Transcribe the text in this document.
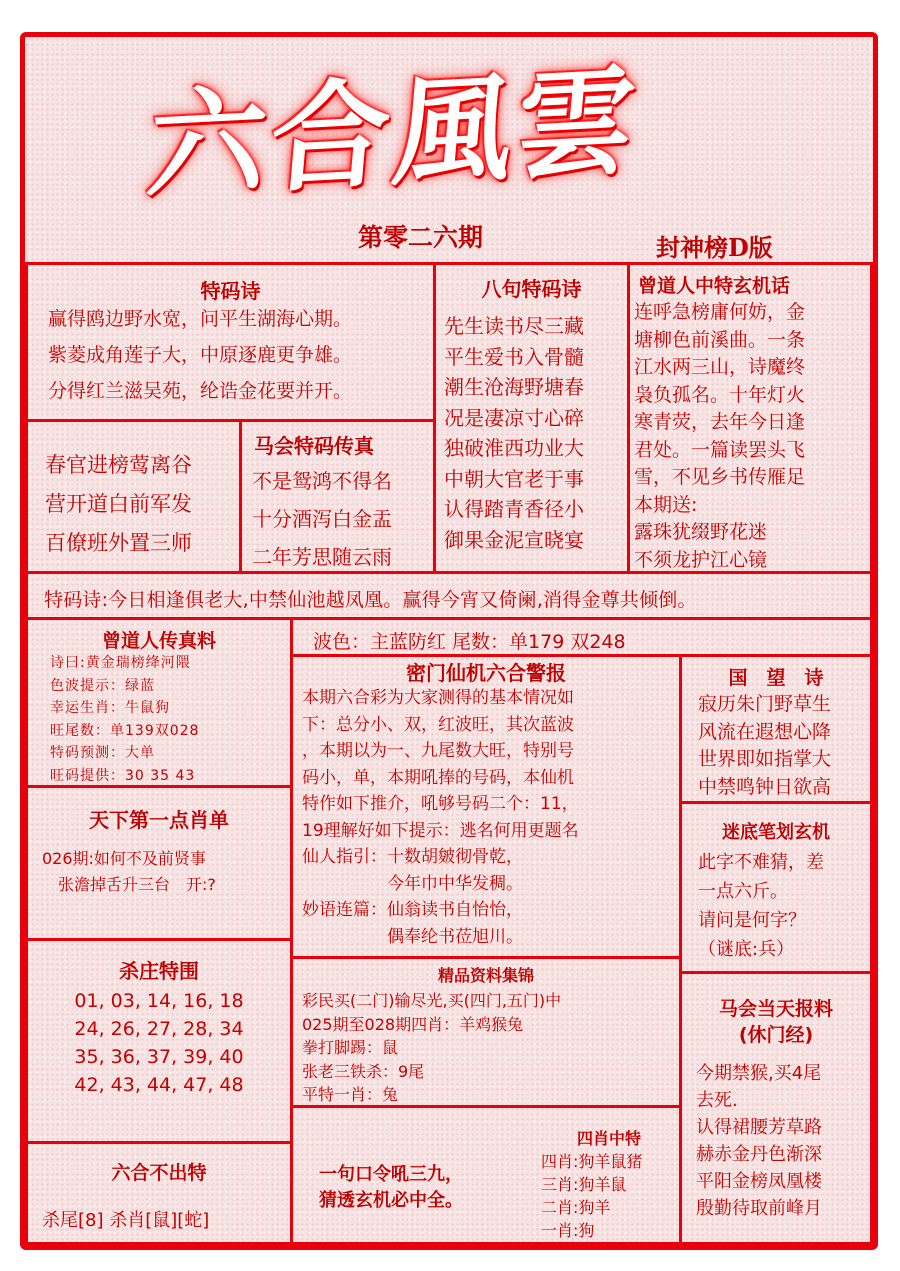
六合風雲
第零二六期	封神榜D版
特码诗
赢得鸥边野水宽，问平生湖海心期。
紫菱成角莲子大，中原逐鹿更争雄。
分得红兰滋吴苑，纶诰金花要并开。
春官进榜莺离谷
营开道白前军发
百僚班外置三师
马会特码传真
不是鸳鸿不得名
十分酒泻白金盂
二年芳思随云雨
八句特码诗
先生读书尽三藏
平生爱书入骨髓
潮生沧海野塘春
况是凄凉寸心碎
独破淮西功业大
中朝大官老于事
认得踏青香径小
御果金泥宣晓宴
曾道人中特玄机话
连呼急榜庸何妨，金
塘柳色前溪曲。一条
江水两三山，诗魔终
袅负孤名。十年灯火
寒青荧，去年今日逢
君处。一篇读罢头飞
雪，不见乡书传雁足
本期送:
露珠犹缀野花迷
不须龙护江心镜
特码诗:今日相逢俱老大,中禁仙池越凤凰。赢得今宵又倚阑,消得金尊共倾倒。
曾道人传真料
诗曰:黄金瑞榜绛河隈
色波提示：绿蓝
幸运生肖：牛鼠狗
旺尾数：单139双028
特码预测：大单
旺码提供：30 35 43
天下第一点肖单
026期:如何不及前贤事
　张澹掉舌升三台　开:?
杀庄特围
01, 03, 14, 16, 18
24, 26, 27, 28, 34
35, 36, 37, 39, 40
42, 43, 44, 47, 48
六合不出特
杀尾[8] 杀肖[鼠][蛇]
波色：主蓝防红 尾数：单179 双248
密门仙机六合警报
本期六合彩为大家测得的基本情况如
下：总分小、双，红波旺，其次蓝波
，本期以为一、九尾数大旺，特别号
码小，单，本期吼捧的号码，本仙机
特作如下推介，吼够号码二个：11，
19理解好如下提示：逃名何用更题名
仙人指引：十数胡皴彻骨乾，
　　　　　今年巾中华发稠。
妙语连篇：仙翁读书自怡怡，
　　　　　偶奉纶书莅旭川。
精品资料集锦
彩民买(二门)输尽光,买(四门,五门)中
025期至028期四肖：羊鸡猴兔
拳打脚踢：鼠
张老三铁杀：9尾
平特一肖：兔
一句口令吼三九，
猜透玄机必中全。
四肖中特
四肖:狗羊鼠猪
三肖:狗羊鼠
二肖:狗羊
一肖:狗
国　望　诗
寂历朱门野草生
风流在遐想心降
世界即如指掌大
中禁鸣钟日欲高
迷底笔划玄机
此字不难猜，差
一点六斤。
请问是何字？
（谜底:兵）
马会当天报料
(休门经)
今期禁猴,买4尾
去死.
认得裙腰芳草路
赫赤金丹色渐深
平阳金榜凤凰楼
殷勤待取前峰月
